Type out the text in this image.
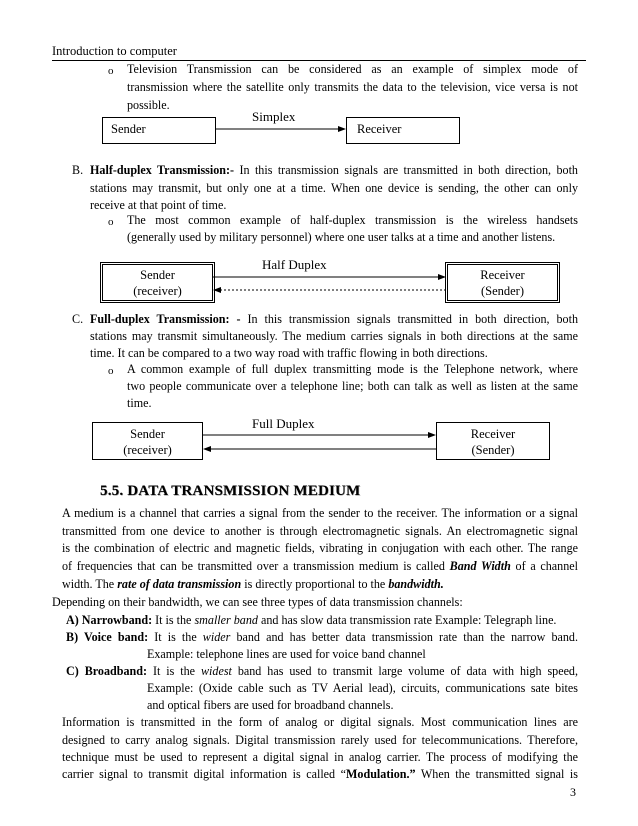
Introduction to computer
o Television Transmission can be considered as an example of simplex mode of
transmission where the satellite only transmits the data to the television, vice versa is not
possible.
Simplex
Sender	Receiver
B. Half-duplex Transmission:- In this transmission signals are transmitted in both direction, both
stations may transmit, but only one at a time. When one device is sending, the other can only
receive at that point of time.
o The most common example of half-duplex transmission is the wireless handsets
(generally used by military personnel) where one user talks at a time and another listens.
Half Duplex
Sender
(receiver)
Receiver
(Sender)
C. Full-duplex Transmission: - In this transmission signals transmitted in both direction, both
stations may transmit simultaneously. The medium carries signals in both directions at the same
time. It can be compared to a two way road with traffic flowing in both directions.
o A common example of full duplex transmitting mode is the Telephone network, where
two people communicate over a telephone line; both can talk as well as listen at the same
time.
Full Duplex
Sender
(receiver)
Receiver
(Sender)
5.5. DATA TRANSMISSION MEDIUM
A medium is a channel that carries a signal from the sender to the receiver. The information or a signal
transmitted from one device to another is through electromagnetic signals. An electromagnetic signal
is the combination of electric and magnetic fields, vibrating in conjugation with each other. The range
of frequencies that can be transmitted over a transmission medium is called Band Width of a channel
width. The rate of data transmission is directly proportional to the bandwidth.
Depending on their bandwidth, we can see three types of data transmission channels:
A) Narrowband: It is the smaller band and has slow data transmission rate Example: Telegraph line.
B) Voice band: It is the wider band and has better data transmission rate than the narrow band.
Example: telephone lines are used for voice band channel
C) Broadband: It is the widest band has used to transmit large volume of data with high speed,
Example: (Oxide cable such as TV Aerial lead), circuits, communications sate bites
and optical fibers are used for broadband channels.
Information is transmitted in the form of analog or digital signals. Most communication lines are
designed to carry analog signals. Digital transmission rarely used for telecommunications. Therefore,
technique must be used to represent a digital signal in analog carrier. The process of modifying the
carrier signal to transmit digital information is called “Modulation.” When the transmitted signal is
3
